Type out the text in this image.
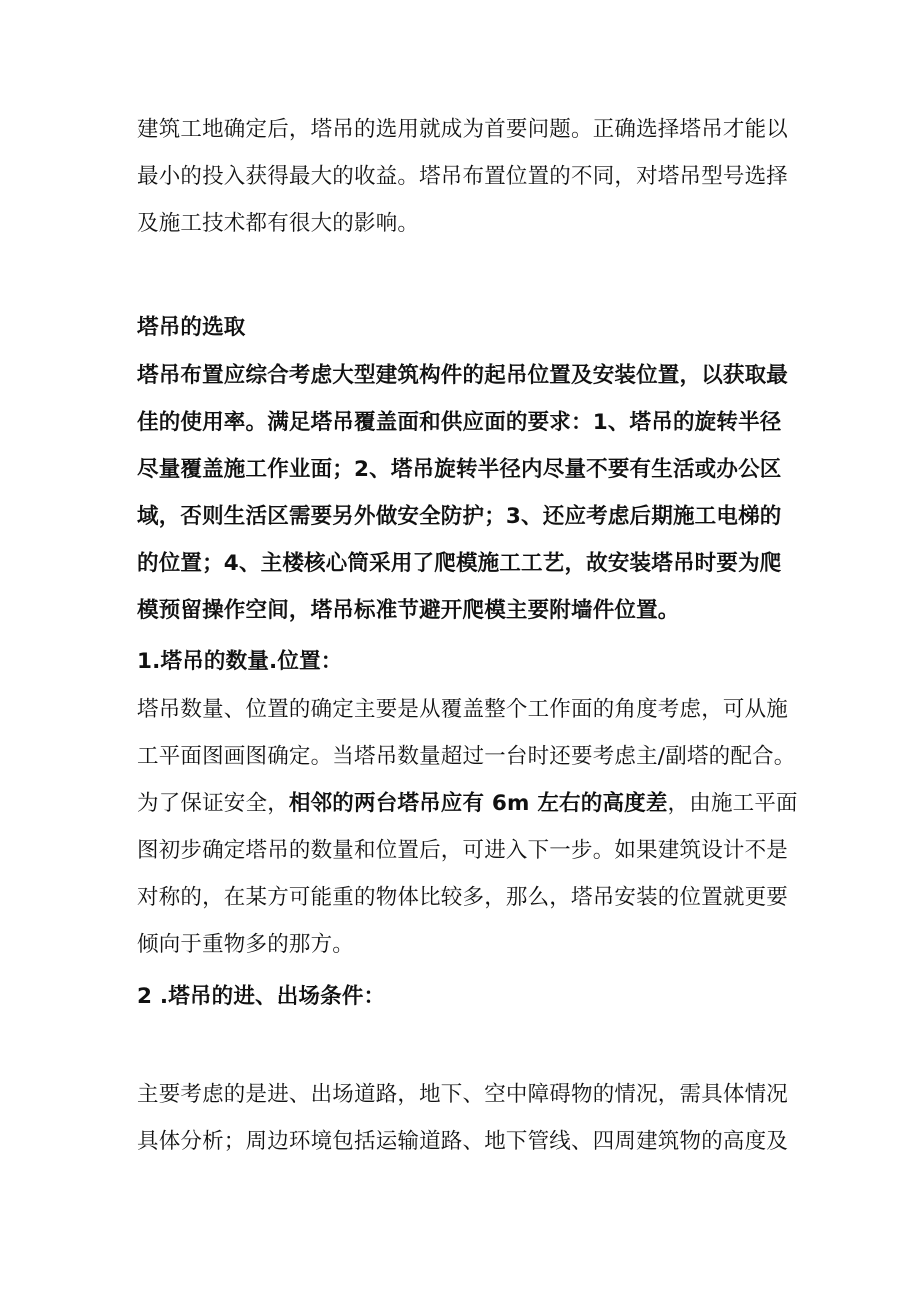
建筑工地确定后，塔吊的选用就成为首要问题。正确选择塔吊才能以
最小的投入获得最大的收益。塔吊布置位置的不同，对塔吊型号选择
及施工技术都有很大的影响。
塔吊的选取
塔吊布置应综合考虑大型建筑构件的起吊位置及安装位置，以获取最
佳的使用率。满足塔吊覆盖面和供应面的要求：1、塔吊的旋转半径
尽量覆盖施工作业面；2、塔吊旋转半径内尽量不要有生活或办公区
域，否则生活区需要另外做安全防护；3、还应考虑后期施工电梯的
的位置；4、主楼核心筒采用了爬模施工工艺，故安装塔吊时要为爬
模预留操作空间，塔吊标准节避开爬模主要附墙件位置。
1.塔吊的数量.位置：
塔吊数量、位置的确定主要是从覆盖整个工作面的角度考虑，可从施
工平面图画图确定。当塔吊数量超过一台时还要考虑主/副塔的配合。
为了保证安全，相邻的两台塔吊应有 6m 左右的高度差，由施工平面
图初步确定塔吊的数量和位置后，可进入下一步。如果建筑设计不是
对称的，在某方可能重的物体比较多，那么，塔吊安装的位置就更要
倾向于重物多的那方。
2 .塔吊的进、出场条件：
主要考虑的是进、出场道路，地下、空中障碍物的情况，需具体情况
具体分析；周边环境包括运输道路、地下管线、四周建筑物的高度及
